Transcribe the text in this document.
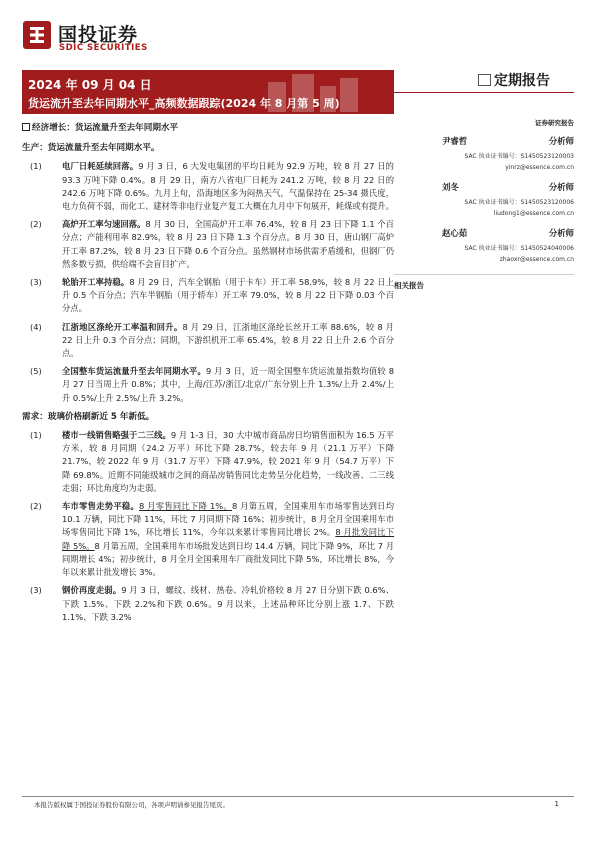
国投证券
SDIC SECURITIES
2024 年 09 月 04 日
货运流升至去年同期水平_高频数据跟踪(2024 年 8 月第 5 周)
定期报告
经济增长：货运流量升至去年同期水平
生产：货运流量升至去年同期水平。
(1) 电厂日耗延续回落。9 月 3 日，6 大发电集团的平均日耗为 92.9 万吨，较 8 月 27 日的 93.3 万吨下降 0.4%。8 月 29 日，南方八省电厂日耗为 241.2 万吨，较 8 月 22 日的 242.6 万吨下降 0.6%。九月上旬，沿海地区多为闷热天气，气温保持在 25-34 摄氏度，电力负荷不弱，而化工、建材等非电行业复产复工大概在九月中下旬展开，耗煤或有提升。
(2) 高炉开工率匀速回落。8 月 30 日，全国高炉开工率 76.4%，较 8 月 23 日下降 1.1 个百分点；产能利用率 82.9%，较 8 月 23 日下降 1.3 个百分点。8 月 30 日，唐山钢厂高炉开工率 87.2%，较 8 月 23 日下降 0.6 个百分点。虽然钢材市场供需矛盾缓和，但钢厂仍然多数亏损，供给端不会盲目扩产。
(3) 轮胎开工率持稳。8 月 29 日，汽车全钢胎（用于卡车）开工率 58.9%，较 8 月 22 日上升 0.5 个百分点；汽车半钢胎（用于轿车）开工率 79.0%，较 8 月 22 日下降 0.03 个百分点。
(4) 江浙地区涤纶开工率温和回升。8 月 29 日，江浙地区涤纶长丝开工率 88.6%，较 8 月 22 日上升 0.3 个百分点；同期，下游织机开工率 65.4%，较 8 月 22 日上升 2.6 个百分点。
(5) 全国整车货运流量升至去年同期水平。9 月 3 日，近一周全国整车货运流量指数均值较 8 月 27 日当周上升 0.8%；其中，上海/江苏/浙江/北京/广东分别上升 1.3%/上升 2.4%/上升 0.5%/上升 2.5%/上升 3.2%。
需求：玻璃价格刷新近 5 年新低。
(1) 楼市一线销售略强于二三线。9 月 1-3 日，30 大中城市商品房日均销售面积为 16.5 万平方米，较 8 月同期（24.2 万平）环比下降 28.7%，较去年 9 月（21.1 万平）下降 21.7%，较 2022 年 9 月（31.7 万平）下降 47.9%，较 2021 年 9 月（54.7 万平）下降 69.8%。近期不同能级城市之间的商品房销售同比走势呈分化趋势，一线改善、二三线走弱；环比角度均为走弱。
(2) 车市零售走势平稳。8 月零售同比下降 1%。8 月第五周，全国乘用车市场零售达到日均 10.1 万辆，同比下降 11%，环比 7 月同期下降 16%；初步统计，8 月全月全国乘用车市场零售同比下降 1%，环比增长 11%，今年以来累计零售同比增长 2%。8 月批发同比下降 5%。8 月第五周，全国乘用车市场批发达到日均 14.4 万辆，同比下降 9%，环比 7 月同期增长 4%；初步统计，8 月全月全国乘用车厂商批发同比下降 5%，环比增长 8%，今年以来累计批发增长 3%。
(3) 钢价再度走弱。9 月 3 日，螺纹、线材、热卷、冷轧价格较 8 月 27 日分别下跌 0.6%、下跌 1.5%、下跌 2.2%和下跌 0.6%。9 月以来，上述品种环比分别上涨 1.7、下跌 1.1%、下跌 3.2%
证券研究报告
尹睿哲	分析师
SAC 执业证书编号：S1450523120003
yinrz@essence.com.cn
刘冬	分析师
SAC 执业证书编号：S1450523120006
liudong1@essence.com.cn
赵心茹	分析师
SAC 执业证书编号：S1450524040006
zhaoxr@essence.com.cn
相关报告
本报告版权属于国投证券股份有限公司，各项声明请参见报告尾页。	1
